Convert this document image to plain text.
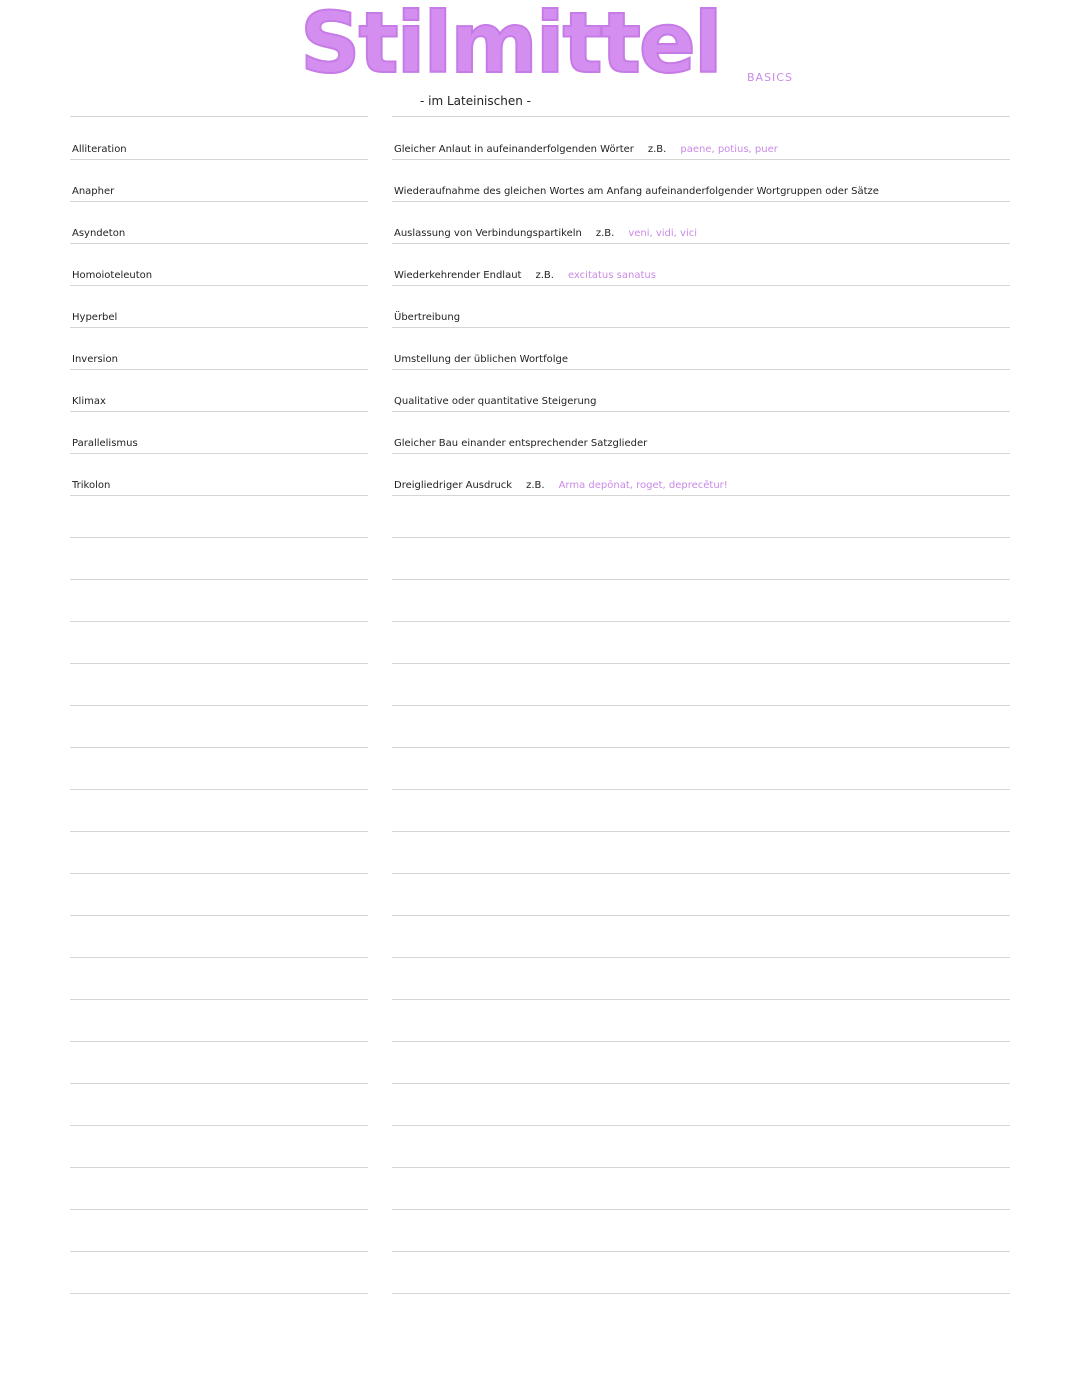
Stilmittel BASICS
- im Lateinischen -
Alliteration	Gleicher Anlaut in aufeinanderfolgenden Wörter z.B. paene, potius, puer
Anapher	Wiederaufnahme des gleichen Wortes am Anfang aufeinanderfolgender Wortgruppen oder Sätze
Asyndeton	Auslassung von Verbindungspartikeln z.B. veni, vidi, vici
Homoioteleuton	Wiederkehrender Endlaut z.B. excitatus sanatus
Hyperbel	Übertreibung
Inversion	Umstellung der üblichen Wortfolge
Klimax	Qualitative oder quantitative Steigerung
Parallelismus	Gleicher Bau einander entsprechender Satzglieder
Trikolon	Dreigliedriger Ausdruck z.B. Arma depōnat, roget, deprecētur!
